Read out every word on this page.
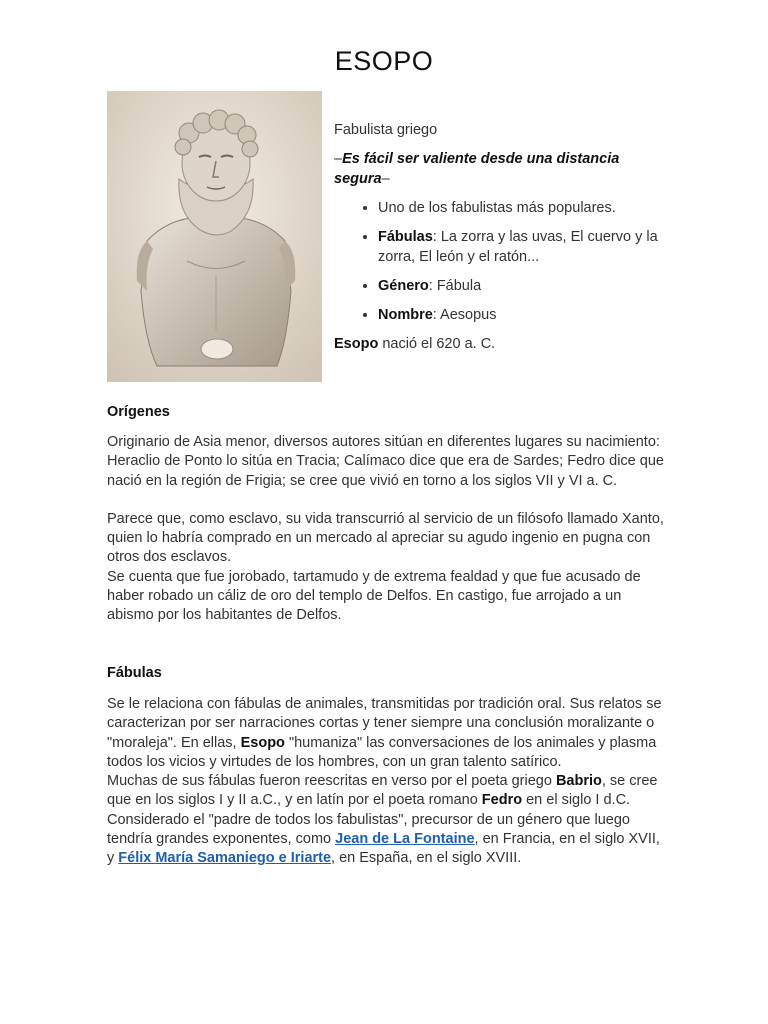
ESOPO

Fabulista griego

–Es fácil ser valiente desde una distancia segura–

• Uno de los fabulistas más populares.
• Fábulas: La zorra y las uvas, El cuervo y la zorra, El león y el ratón...
• Género: Fábula
• Nombre: Aesopus

Esopo nació el 620 a. C.

Orígenes

Originario de Asia menor, diversos autores sitúan en diferentes lugares su nacimiento: Heraclio de Ponto lo sitúa en Tracia; Calímaco dice que era de Sardes; Fedro dice que nació en la región de Frigia; se cree que vivió en torno a los siglos VII y VI a. C.

Parece que, como esclavo, su vida transcurrió al servicio de un filósofo llamado Xanto, quien lo habría comprado en un mercado al apreciar su agudo ingenio en pugna con otros dos esclavos.

Se cuenta que fue jorobado, tartamudo y de extrema fealdad y que fue acusado de haber robado un cáliz de oro del templo de Delfos. En castigo, fue arrojado a un abismo por los habitantes de Delfos.

Fábulas

Se le relaciona con fábulas de animales, transmitidas por tradición oral. Sus relatos se caracterizan por ser narraciones cortas y tener siempre una conclusión moralizante o "moraleja". En ellas, Esopo "humaniza" las conversaciones de los animales y plasma todos los vicios y virtudes de los hombres, con un gran talento satírico.

Muchas de sus fábulas fueron reescritas en verso por el poeta griego Babrio, se cree que en los siglos I y II a.C., y en latín por el poeta romano Fedro en el siglo I d.C.

Considerado el "padre de todos los fabulistas", precursor de un género que luego tendría grandes exponentes, como Jean de La Fontaine, en Francia, en el siglo XVII, y Félix María Samaniego e Iriarte, en España, en el siglo XVIII.
